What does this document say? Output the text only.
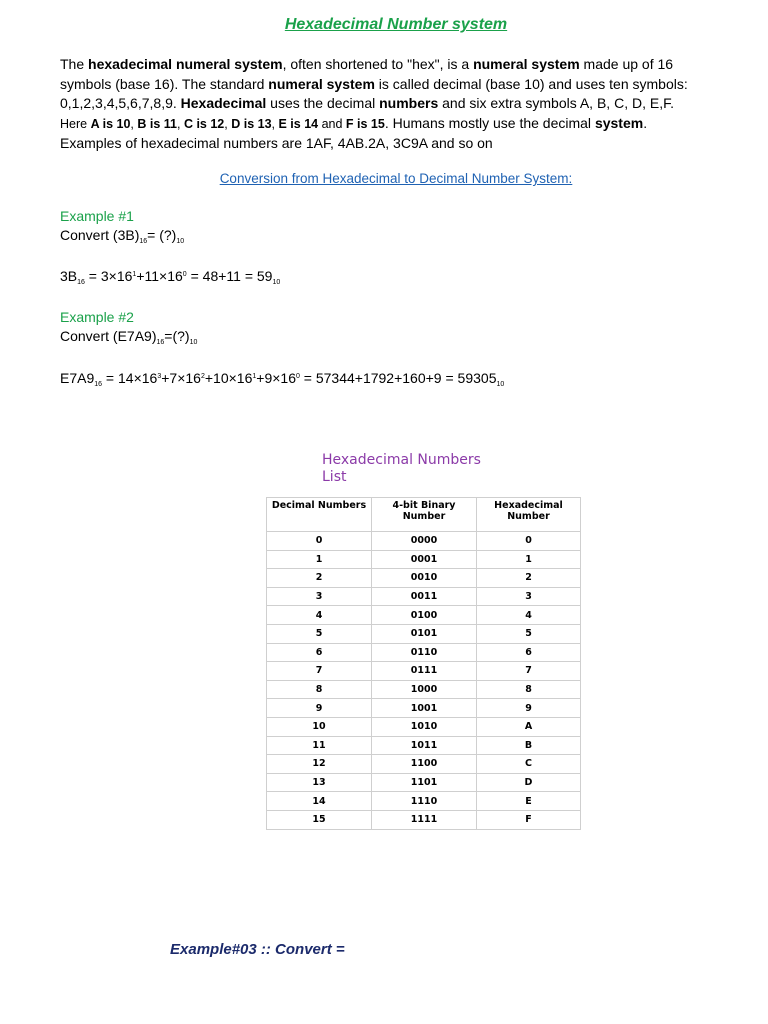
Hexadecimal Number system
The hexadecimal numeral system, often shortened to "hex", is a numeral system made up of 16
symbols (base 16). The standard numeral system is called decimal (base 10) and uses ten symbols:
0,1,2,3,4,5,6,7,8,9. Hexadecimal uses the decimal numbers and six extra symbols A, B, C, D, E,F.
Here A is 10, B is 11, C is 12, D is 13, E is 14 and F is 15. Humans mostly use the decimal system.
Examples of hexadecimal numbers are 1AF, 4AB.2A, 3C9A and so on
Conversion from Hexadecimal to Decimal Number System:
Example #1
Convert $(3B)_{16}=$ $(?)_{10}$
$3B_{16} = 3\times 16^1+11\times 16^0 = 48+11 = 59_{10}$
Example #2
Convert $(E7A9)_{16}=(?)_{10}$
$E7A9_{16} = 14\times 16^3+7\times 16^2+10\times 16^1+9\times 16^0 = 57344+1792+160+9 = 59305_{10}$
Hexadecimal Numbers
List
Decimal Numbers	4-bit Binary Number	Hexadecimal
Number
0	0000	0
1	0001	1
2	0010	2
3	0011	3
4	0100	4
5	0101	5
6	0110	6
7	0111	7
8	1000	8
9	1001	9
10	1010	A
11	1011	B
12	1100	C
13	1101	D
14	1110	E
15	1111	F
Example#03 :: Convert =
